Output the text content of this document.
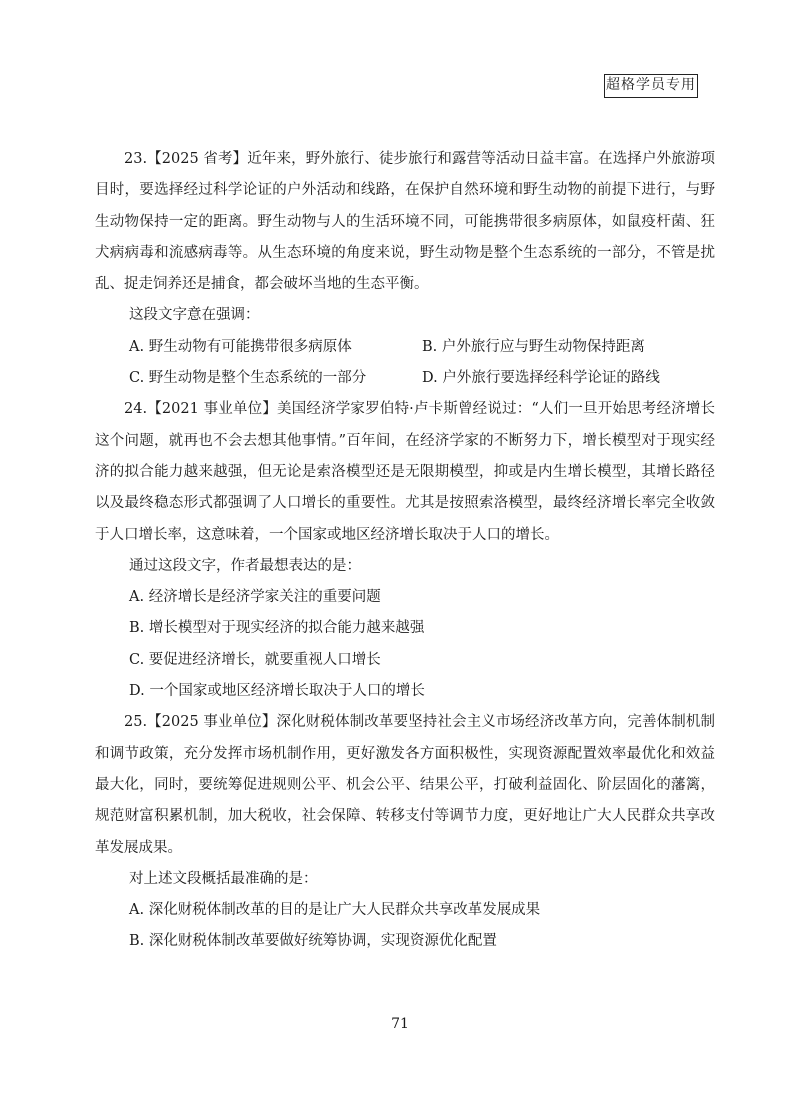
超格学员专用

23.【2025 省考】近年来，野外旅行、徒步旅行和露营等活动日益丰富。在选择户外旅游项目时，要选择经过科学论证的户外活动和线路，在保护自然环境和野生动物的前提下进行，与野生动物保持一定的距离。野生动物与人的生活环境不同，可能携带很多病原体，如鼠疫杆菌、狂犬病病毒和流感病毒等。从生态环境的角度来说，野生动物是整个生态系统的一部分，不管是扰乱、捉走饲养还是捕食，都会破坏当地的生态平衡。

这段文字意在强调：

A. 野生动物有可能携带很多病原体	B. 户外旅行应与野生动物保持距离
C. 野生动物是整个生态系统的一部分	D. 户外旅行要选择经科学论证的路线

24.【2021 事业单位】美国经济学家罗伯特·卢卡斯曾经说过：“人们一旦开始思考经济增长这个问题，就再也不会去想其他事情。”百年间，在经济学家的不断努力下，增长模型对于现实经济的拟合能力越来越强，但无论是索洛模型还是无限期模型，抑或是内生增长模型，其增长路径以及最终稳态形式都强调了人口增长的重要性。尤其是按照索洛模型，最终经济增长率完全收敛于人口增长率，这意味着，一个国家或地区经济增长取决于人口的增长。

通过这段文字，作者最想表达的是：

A. 经济增长是经济学家关注的重要问题

B. 增长模型对于现实经济的拟合能力越来越强

C. 要促进经济增长，就要重视人口增长

D. 一个国家或地区经济增长取决于人口的增长

25.【2025 事业单位】深化财税体制改革要坚持社会主义市场经济改革方向，完善体制机制和调节政策，充分发挥市场机制作用，更好激发各方面积极性，实现资源配置效率最优化和效益最大化，同时，要统筹促进规则公平、机会公平、结果公平，打破利益固化、阶层固化的藩篱，规范财富积累机制，加大税收，社会保障、转移支付等调节力度，更好地让广大人民群众共享改革发展成果。

对上述文段概括最准确的是：

A. 深化财税体制改革的目的是让广大人民群众共享改革发展成果

B. 深化财税体制改革要做好统筹协调，实现资源优化配置

71
